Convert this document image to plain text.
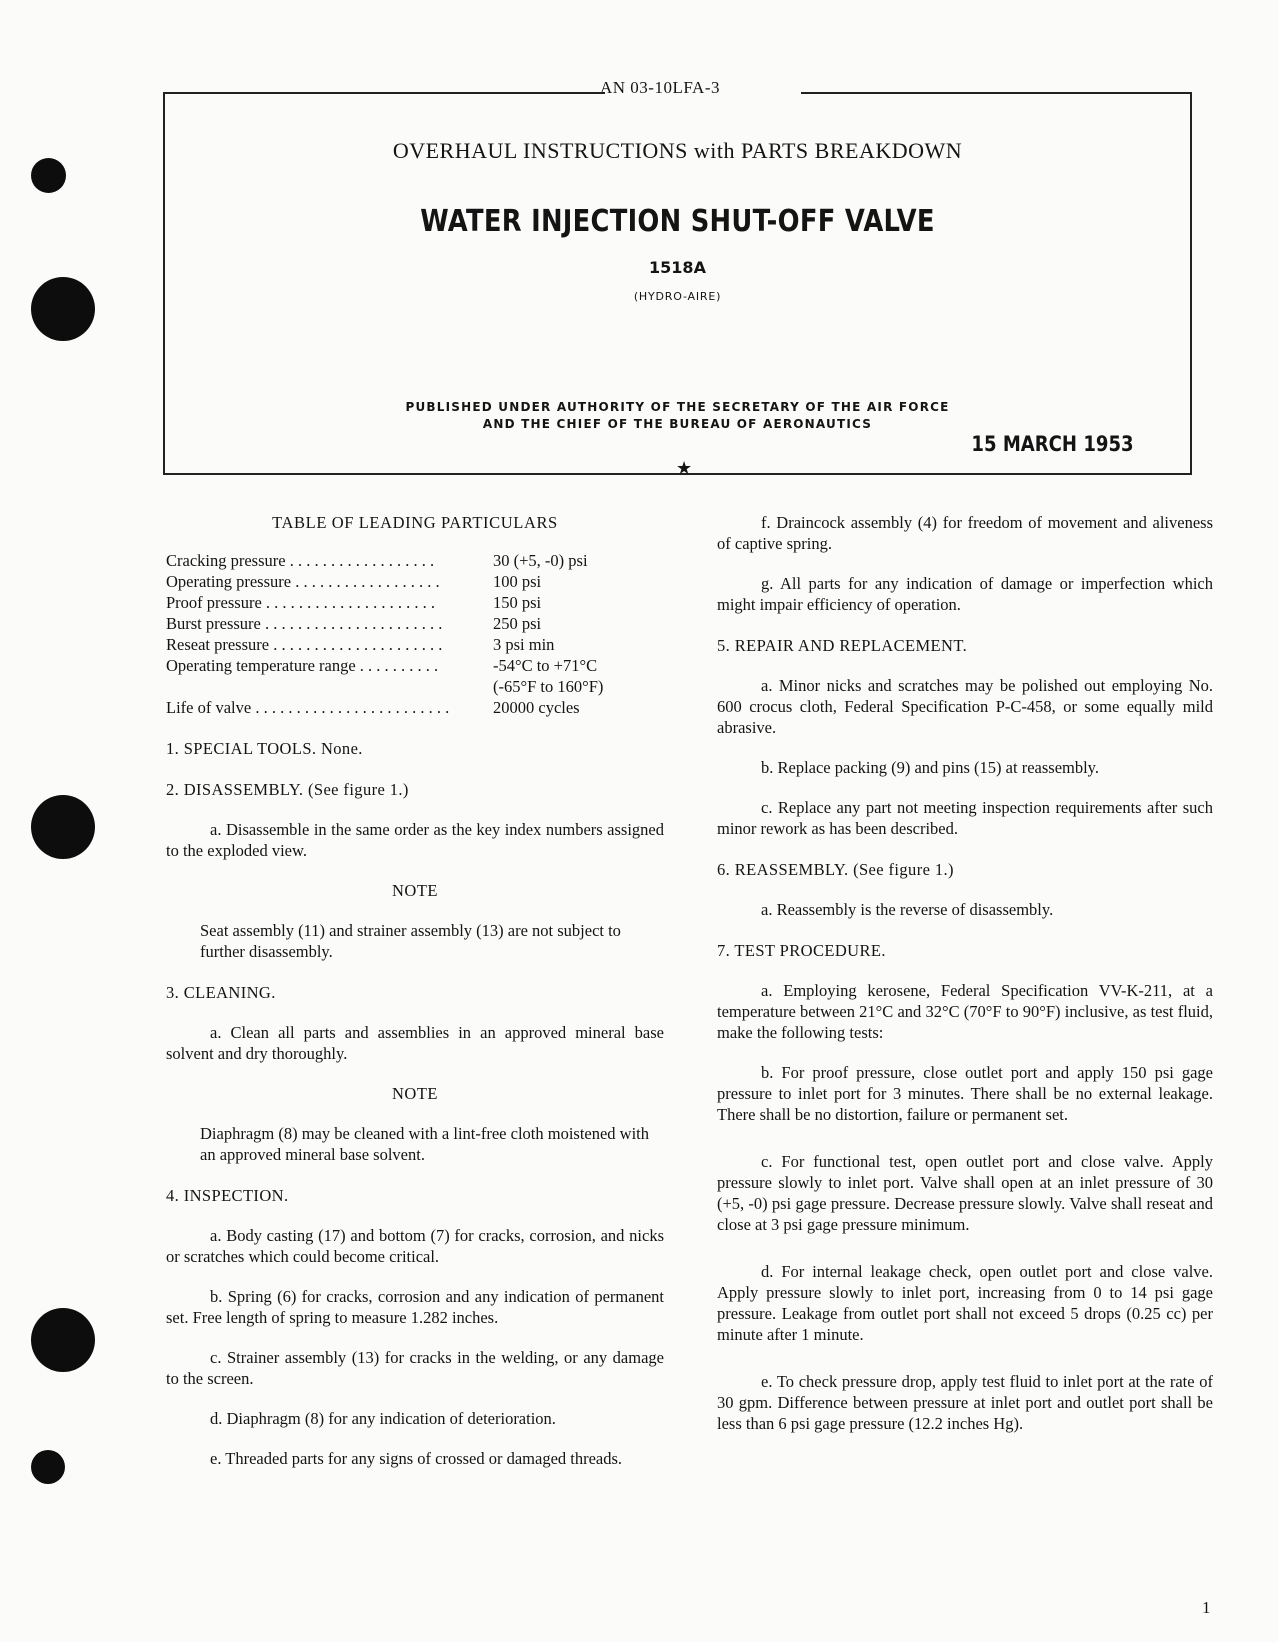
AN 03-10LFA-3
OVERHAUL INSTRUCTIONS with PARTS BREAKDOWN
WATER INJECTION SHUT-OFF VALVE
1518A
(HYDRO-AIRE)
PUBLISHED UNDER AUTHORITY OF THE SECRETARY OF THE AIR FORCE
AND THE CHIEF OF THE BUREAU OF AERONAUTICS
15 MARCH 1953
★

TABLE OF LEADING PARTICULARS

Cracking pressure . . . . . . . . . . . . . . . . . .	30 (+5, -0) psi
Operating pressure . . . . . . . . . . . . . . . . . .	100 psi
Proof pressure . . . . . . . . . . . . . . . . . . . . .	150 psi
Burst pressure . . . . . . . . . . . . . . . . . . . . . .	250 psi
Reseat pressure . . . . . . . . . . . . . . . . . . . . .	3 psi min
Operating temperature range . . . . . . . . . .	-54°C to +71°C
(-65°F to 160°F)
Life of valve . . . . . . . . . . . . . . . . . . . . . . . .	20000 cycles

1. SPECIAL TOOLS. None.

2. DISASSEMBLY. (See figure 1.)

a. Disassemble in the same order as the key index numbers assigned to the exploded view.

NOTE

Seat assembly (11) and strainer assembly (13) are not subject to further disassembly.

3. CLEANING.

a. Clean all parts and assemblies in an approved mineral base solvent and dry thoroughly.

NOTE

Diaphragm (8) may be cleaned with a lint-free cloth moistened with an approved mineral base solvent.

4. INSPECTION.

a. Body casting (17) and bottom (7) for cracks, corrosion, and nicks or scratches which could become critical.

b. Spring (6) for cracks, corrosion and any indication of permanent set. Free length of spring to measure 1.282 inches.

c. Strainer assembly (13) for cracks in the welding, or any damage to the screen.

d. Diaphragm (8) for any indication of deterioration.

e. Threaded parts for any signs of crossed or damaged threads.

f. Draincock assembly (4) for freedom of movement and aliveness of captive spring.

g. All parts for any indication of damage or imperfection which might impair efficiency of operation.

5. REPAIR AND REPLACEMENT.

a. Minor nicks and scratches may be polished out employing No. 600 crocus cloth, Federal Specification P-C-458, or some equally mild abrasive.

b. Replace packing (9) and pins (15) at reassembly.

c. Replace any part not meeting inspection requirements after such minor rework as has been described.

6. REASSEMBLY. (See figure 1.)

a. Reassembly is the reverse of disassembly.

7. TEST PROCEDURE.

a. Employing kerosene, Federal Specification VV-K-211, at a temperature between 21°C and 32°C (70°F to 90°F) inclusive, as test fluid, make the following tests:

b. For proof pressure, close outlet port and apply 150 psi gage pressure to inlet port for 3 minutes. There shall be no external leakage. There shall be no distortion, failure or permanent set.

c. For functional test, open outlet port and close valve. Apply pressure slowly to inlet port. Valve shall open at an inlet pressure of 30 (+5, -0) psi gage pressure. Decrease pressure slowly. Valve shall reseat and close at 3 psi gage pressure minimum.

d. For internal leakage check, open outlet port and close valve. Apply pressure slowly to inlet port, increasing from 0 to 14 psi gage pressure. Leakage from outlet port shall not exceed 5 drops (0.25 cc) per minute after 1 minute.

e. To check pressure drop, apply test fluid to inlet port at the rate of 30 gpm. Difference between pressure at inlet port and outlet port shall be less than 6 psi gage pressure (12.2 inches Hg).

1
